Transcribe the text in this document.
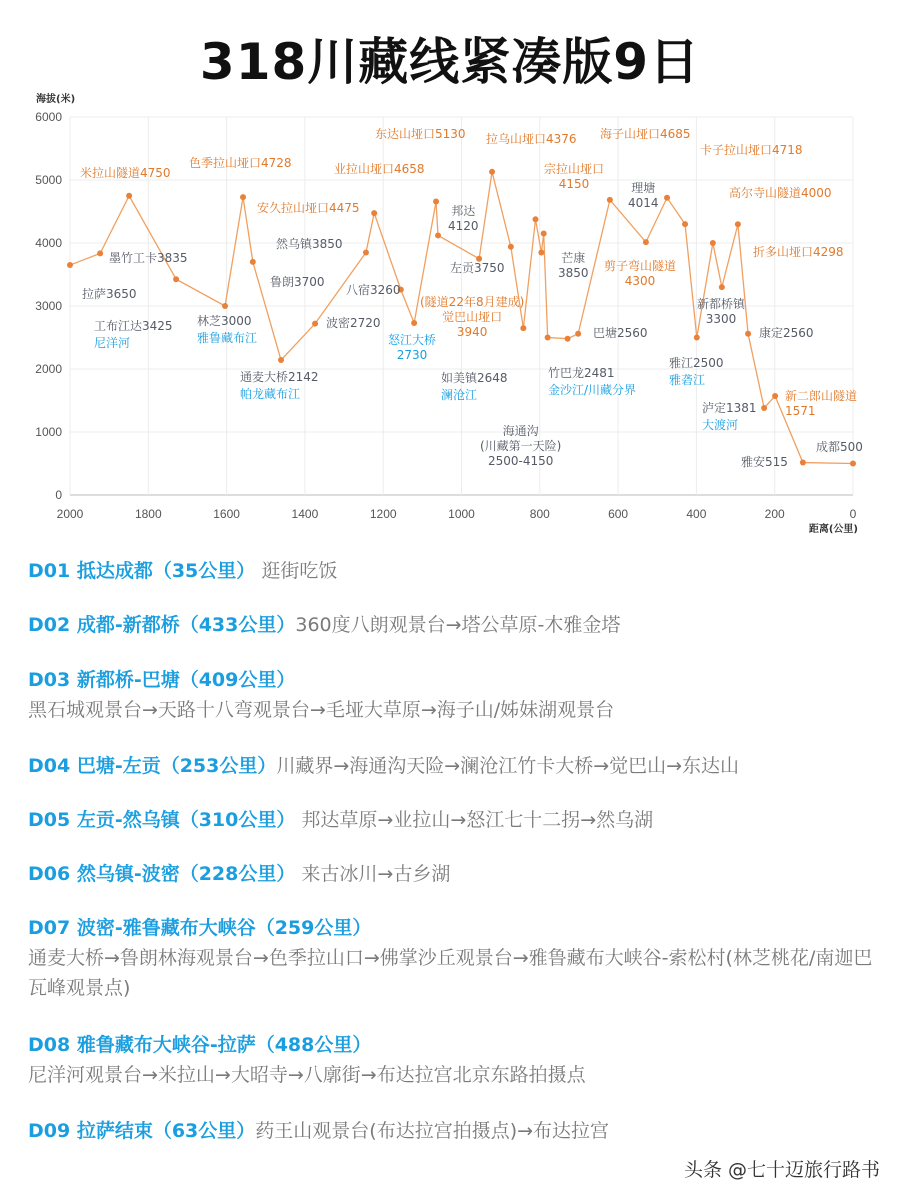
318川藏线紧凑版9日
0
1000
2000
3000
4000
5000
6000
2000	1800	1600	1400	1200	1000	800	600	400	200	0
海拔(米)
距离(公里)
拉萨3650
墨竹工卡3835
米拉山隧道4750
工布江达3425
尼洋河
林芝3000
雅鲁藏布江
色季拉山垭口4728
鲁朗3700
通麦大桥2142
帕龙藏布江
波密2720
然乌镇3850
安久拉山垭口4475
八宿3260
怒江大桥
2730
业拉山垭口4658
邦达
4120
左贡3750
东达山垭口5130
(隧道22年8月建成)
觉巴山垭口
3940
如美镇2648
澜沧江
拉乌山垭口4376
芒康
3850
宗拉山垭口
4150
海通沟
(川藏第一天险)
2500-4150
竹巴龙2481
金沙江/川藏分界
巴塘2560
海子山垭口4685
理塘
4014
卡子拉山垭口4718
剪子弯山隧道
4300
雅江2500
雅砻江
高尔寺山隧道4000
新都桥镇
3300
折多山垭口4298
康定2560
泸定1381
大渡河
新二郎山隧道
1571
雅安515
成都500
D01 抵达成都（35公里） 逛街吃饭
D02 成都-新都桥（433公里）360度八朗观景台→塔公草原-木雅金塔
D03 新都桥-巴塘（409公里）
黑石城观景台→天路十八弯观景台→毛垭大草原→海子山/姊妹湖观景台
D04 巴塘-左贡（253公里）川藏界→海通沟天险→澜沧江竹卡大桥→觉巴山→东达山
D05 左贡-然乌镇（310公里） 邦达草原→业拉山→怒江七十二拐→然乌湖
D06 然乌镇-波密（228公里） 来古冰川→古乡湖
D07 波密-雅鲁藏布大峡谷（259公里）
通麦大桥→鲁朗林海观景台→色季拉山口→佛掌沙丘观景台→雅鲁藏布大峡谷-索松村(林芝桃花/南迦巴瓦峰观景点)
D08 雅鲁藏布大峡谷-拉萨（488公里）
尼洋河观景台→米拉山→大昭寺→八廓街→布达拉宫北京东路拍摄点
D09 拉萨结束（63公里）药王山观景台(布达拉宫拍摄点)→布达拉宫
头条 @七十迈旅行路书
